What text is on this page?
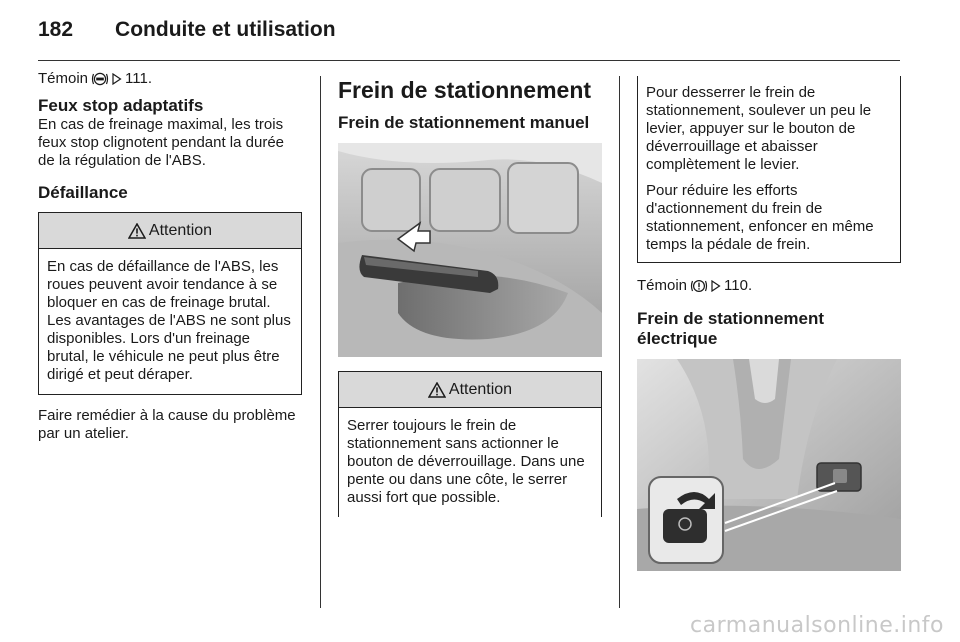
182 Conduite et utilisation
Témoin 111.
Feux stop adaptatifs
En cas de freinage maximal, les trois feux stop clignotent pendant la durée de la régulation de l'ABS.
Défaillance
Attention
En cas de défaillance de l'ABS, les roues peuvent avoir tendance à se bloquer en cas de freinage brutal. Les avantages de l'ABS ne sont plus disponibles. Lors d'un freinage brutal, le véhicule ne peut plus être dirigé et peut déraper.
Faire remédier à la cause du problème par un atelier.
Frein de stationnement
Frein de stationnement manuel
Attention
Serrer toujours le frein de stationnement sans actionner le bouton de déverrouillage. Dans une pente ou dans une côte, le serrer aussi fort que possible.

Pour desserrer le frein de stationnement, soulever un peu le levier, appuyer sur le bouton de déverrouillage et abaisser complètement le levier.

Pour réduire les efforts d'actionnement du frein de stationnement, enfoncer en même temps la pédale de frein.

Témoin 110.
Frein de stationnement électrique
carmanualsonline.info
